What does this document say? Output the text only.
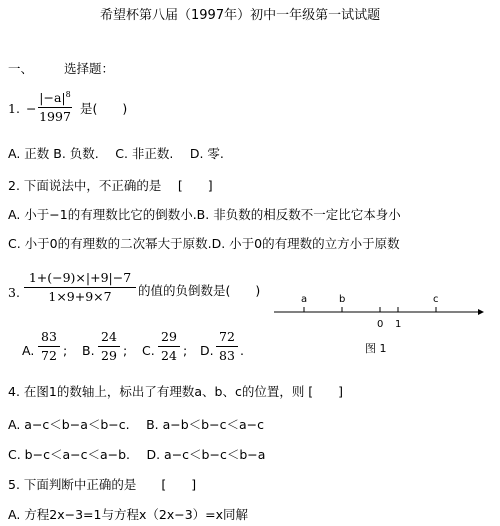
希望杯第八届（1997年）初中一年级第一试试题
一、 选择题：
1. −
$|-a|^8$
1997
是(　　)
A. 正数 B. 负数.　 C. 非正数.　 D. 零.
2. 下面说法中，不正确的是　 [　　]
A. 小于−1的有理数比它的倒数小.B. 非负数的相反数不一定比它本身小
C. 小于0的有理数的二次幂大于原数.D. 小于0的有理数的立方小于原数
3.
1+(−9)×|+9|−7
1×9+9×7	的值的负倒数是(　　)
A.
83
72 ; B.
24
29 ; C.
29
24 ; D.
72
83 .
a	b
0 1
c
图 1
4. 在图1的数轴上，标出了有理数a、b、c的位置，则 [　　]
A. a−c＜b−a＜b−c.　 B. a−b＜b−c＜a−c
C. b−c＜a−c＜a−b.　 D. a−c＜b−c＜b−a
5. 下面判断中正确的是　　[　　]
A. 方程2x−3=1与方程x（2x−3）=x同解
